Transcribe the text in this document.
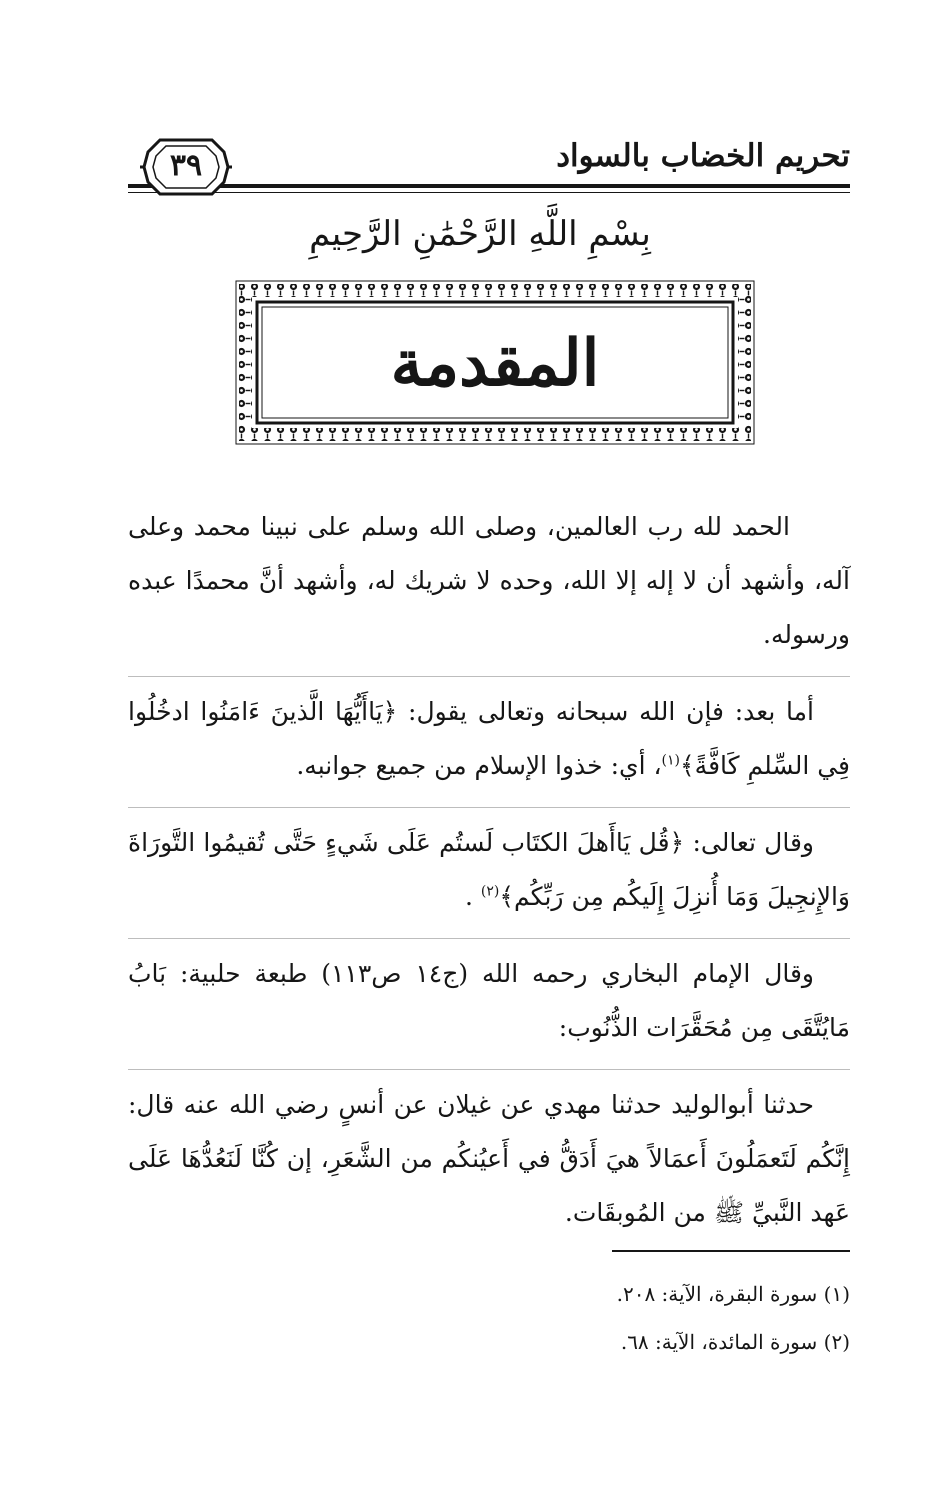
تحريم الخضاب بالسواد
٣٩
بِسْمِ اللَّهِ الرَّحْمَٰنِ الرَّحِيمِ
المقدمة

الحمد لله رب العالمين، وصلى الله وسلم على نبينا محمد وعلى آله، وأشهد أن لا إله إلا الله، وحده لا شريك له، وأشهد أنَّ محمدًا عبده ورسوله.

أما بعد: فإن الله سبحانه وتعالى يقول: ﴿يَاأَيُّهَا الَّذينَ ءَامَنُوا ادخُلُوا فِي السِّلمِ كَافَّةً﴾$^{(١)}$، أي: خذوا الإسلام من جميع جوانبه.

وقال تعالى: ﴿قُل يَاأَهلَ الكتَاب لَستُم عَلَى شَيءٍ حَتَّى تُقيمُوا التَّورَاةَ وَالإِنجِيلَ وَمَا أُنزِلَ إِلَيكُم مِن رَبِّكُم﴾$^{(٢)}$ .

وقال الإمام البخاري رحمه الله (ج١٤ ص١١٣) طبعة حلبية: بَابُ مَايُتَّقَى مِن مُحَقَّرَات الذُّنُوب:

حدثنا أبوالوليد حدثنا مهدي عن غيلان عن أنسٍ رضي الله عنه قال: إِنَّكُم لَتَعمَلُونَ أَعمَالاً هيَ أَدَقُّ في أَعيُنكُم من الشَّعَرِ، إن كُنَّا لَنَعُدُّهَا عَلَى عَهد النَّبيِّ ﷺ من المُوبقَات.

(١) سورة البقرة، الآية: ٢٠٨.

(٢) سورة المائدة، الآية: ٦٨.
